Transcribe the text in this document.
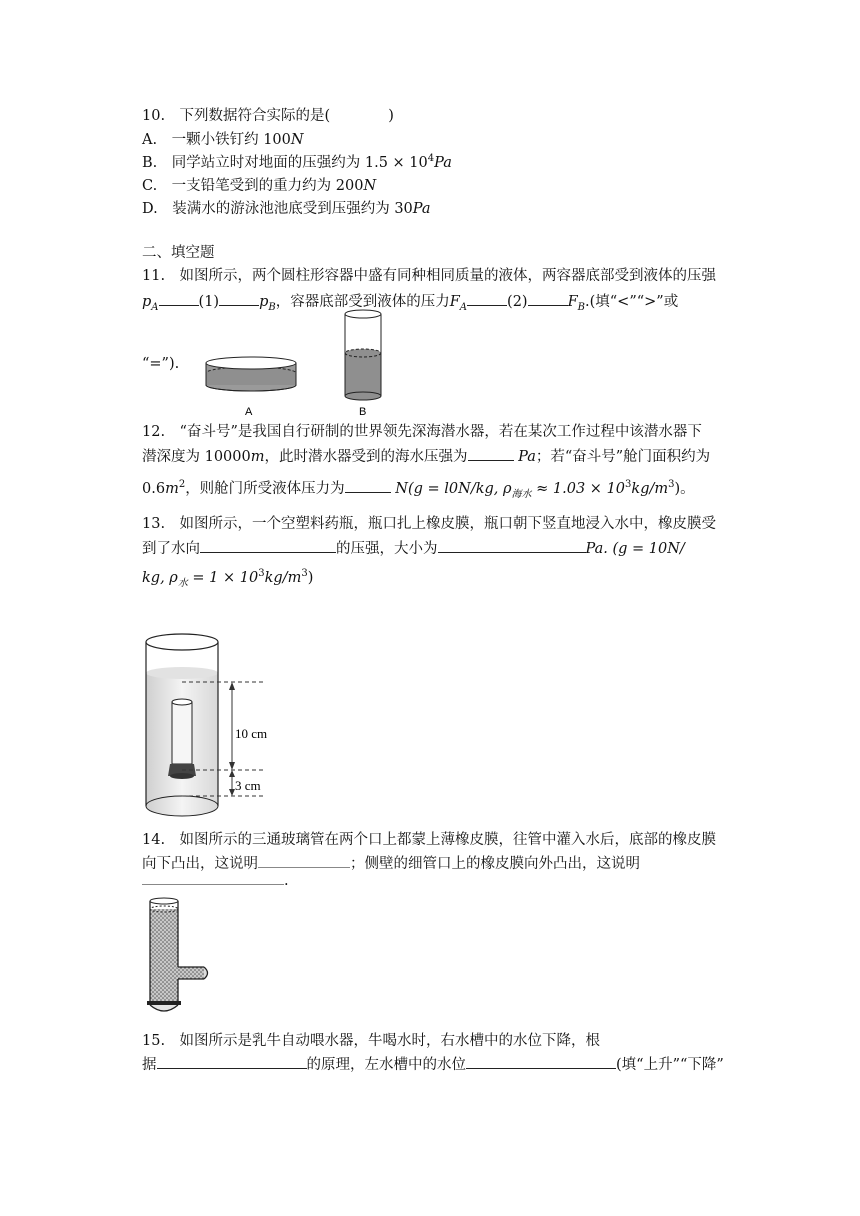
10.　下列数据符合实际的是(　　　　)
A.　一颗小铁钉约 100N
B.　同学站立时对地面的压强约为 $1.5 \times 10^4Pa$
C.　一支铅笔受到的重力约为 200N
D.　装满水的游泳池池底受到压强约为 30Pa
二、填空题
11.　如图所示，两个圆柱形容器中盛有同种相同质量的液体，两容器底部受到液体的压强
$p_A$	(1)	$p_B$，容器底部受到液体的压力$F_A$	(2)	$F_B$.(填“<”“>”或
“=”).
A	B
12.　“奋斗号”是我国自行研制的世界领先深海潜水器，若在某次工作过程中该潜水器下
潜深度为 10000m，此时潜水器受到的海水压强为	Pa；若“奋斗号”舱门面积约为
$0.6m^2$，则舱门所受液体压力为	N(g = l0N/kg, $\rho_{海水} \approx 1.03 \times 10^3kg/m^3$)。
13.　如图所示，一个空塑料药瓶，瓶口扎上橡皮膜，瓶口朝下竖直地浸入水中，橡皮膜受
到了水向	的压强，大小为	Pa. (g = 10N/
kg, $\rho_水 = 1 \times 10^3kg/m^3$)
10 cm
3 cm
14.　如图所示的三通玻璃管在两个口上都蒙上薄橡皮膜，往管中灌入水后，底部的橡皮膜
向下凸出，这说明	；侧壁的细管口上的橡皮膜向外凸出，这说明
.
15.　如图所示是乳牛自动喂水器，牛喝水时，右水槽中的水位下降，根
据	的原理，左水槽中的水位	(填“上升”“下降”
